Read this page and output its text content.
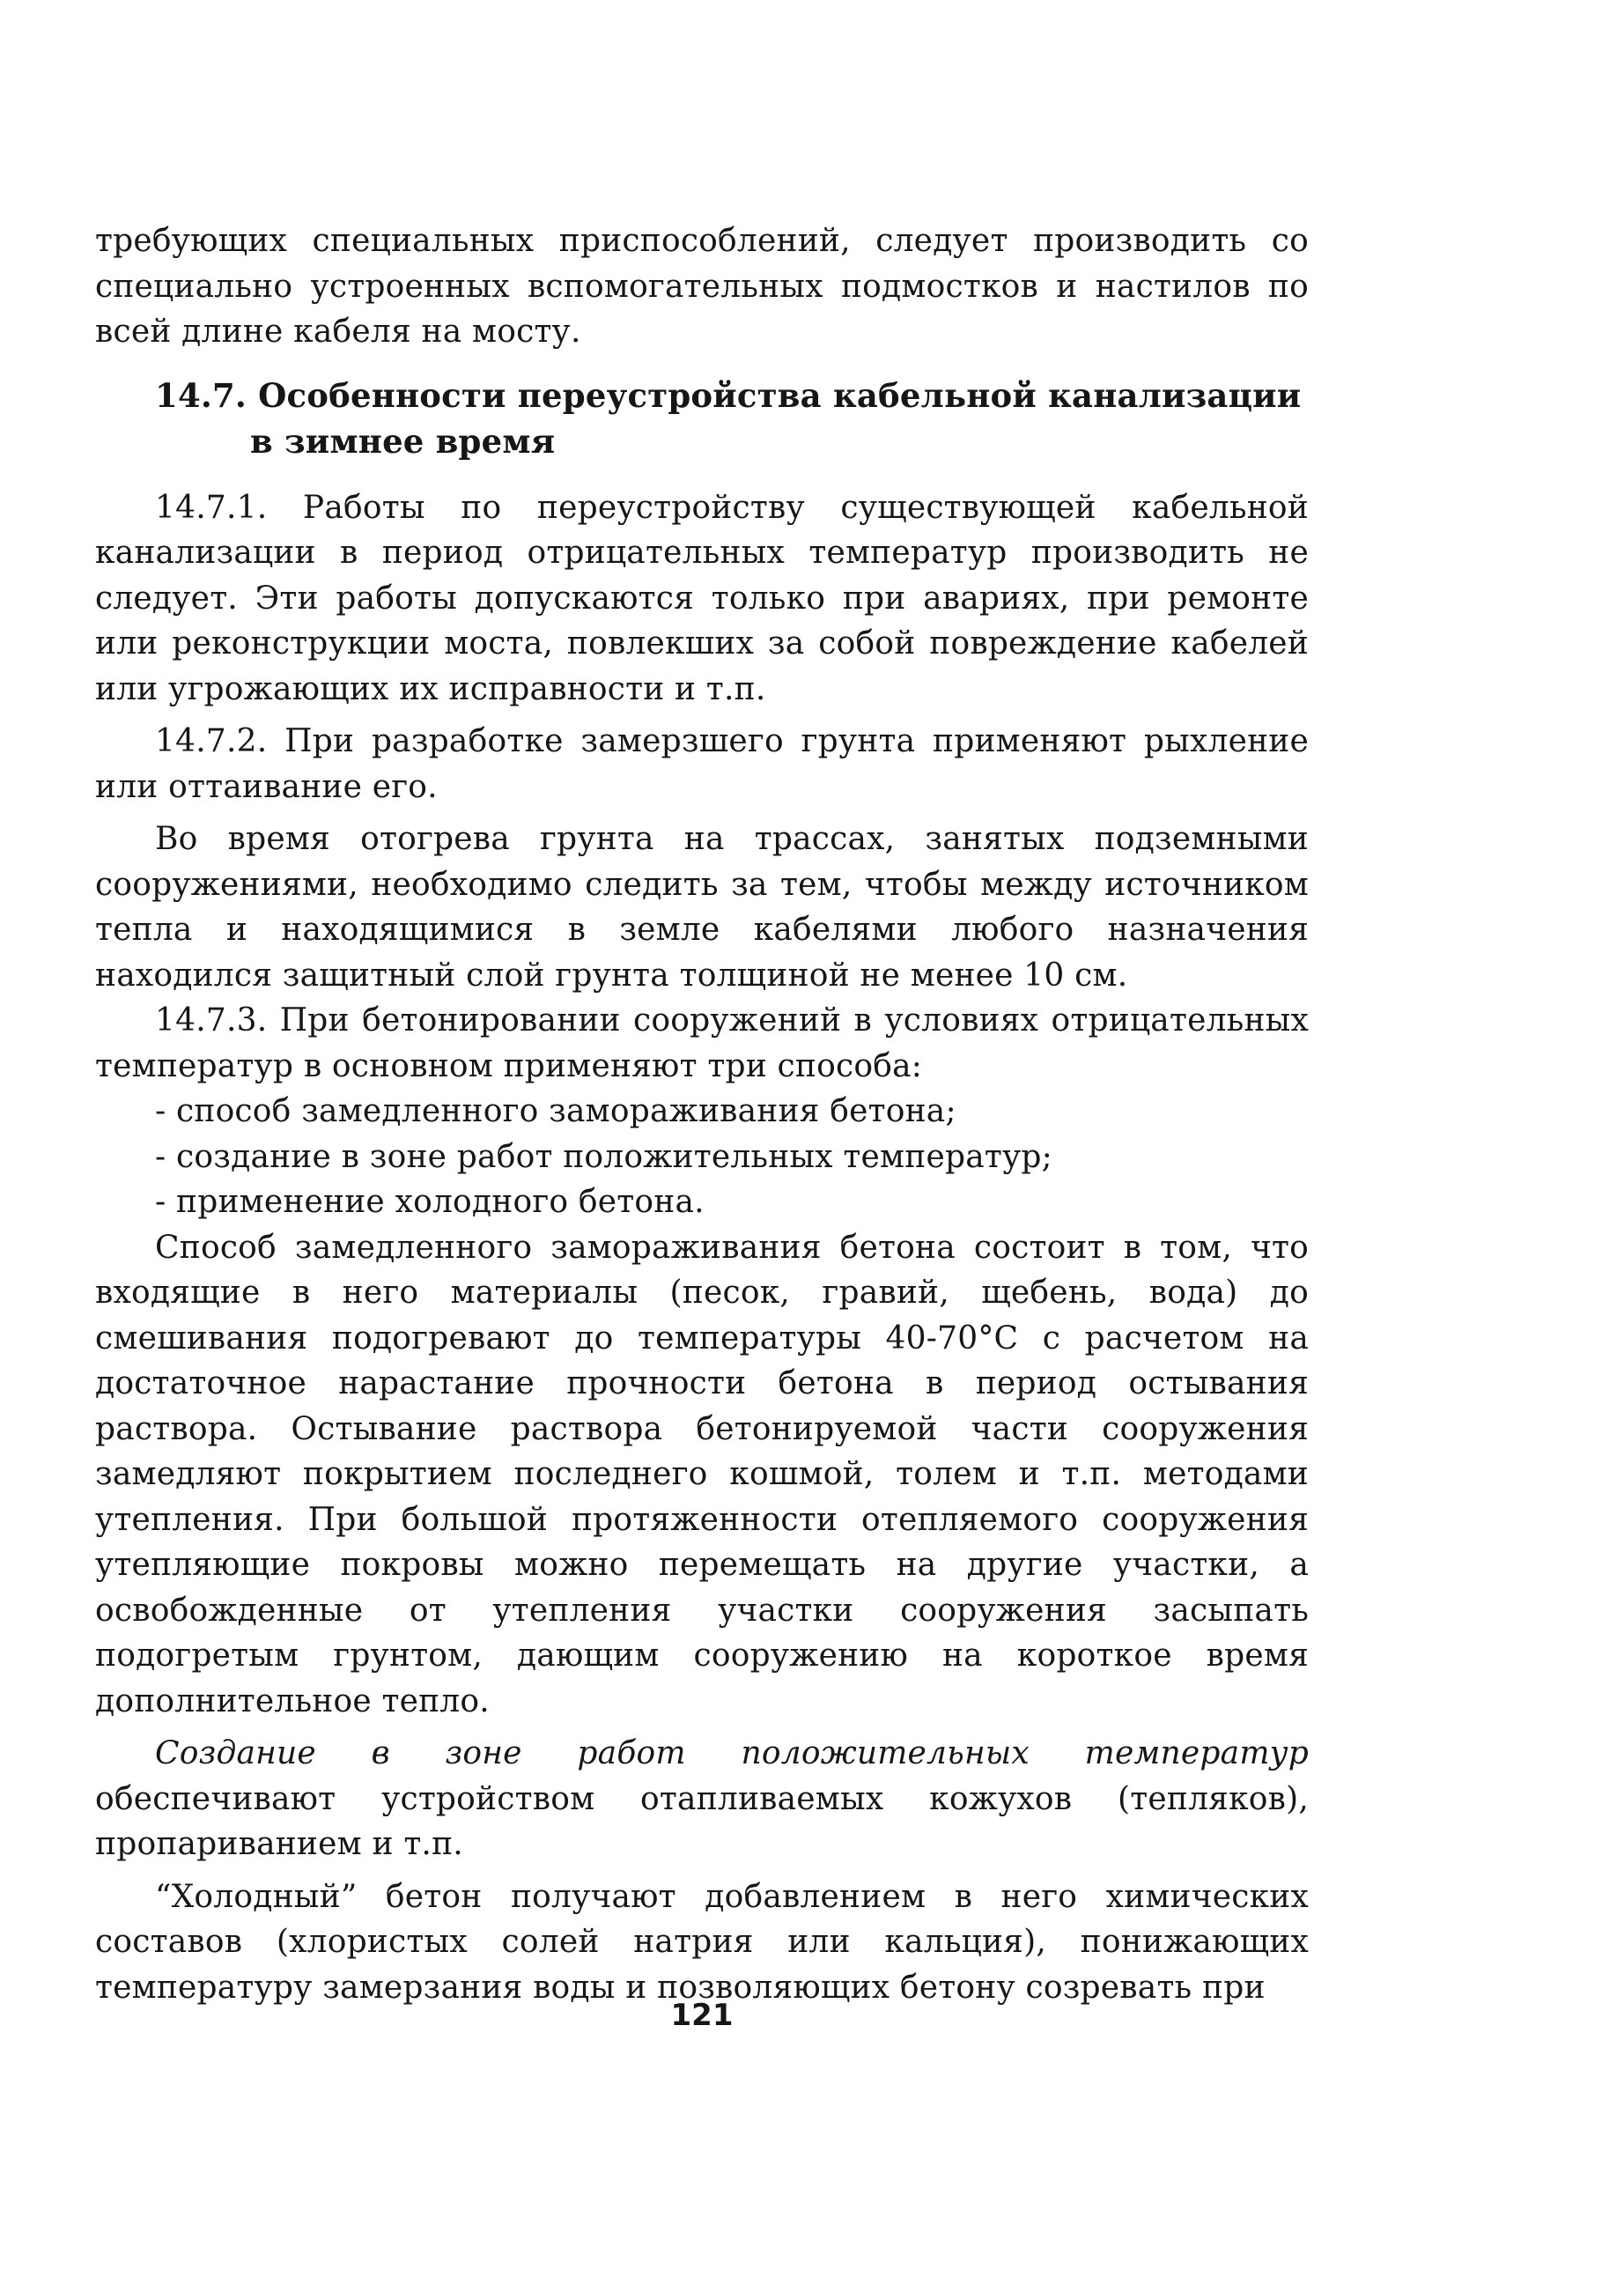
требующих специальных приспособлений, следует производить со специально устроенных вспомогательных подмостков и настилов по всей длине кабеля на мосту.

14.7. Особенности переустройства кабельной канализации
в зимнее время

14.7.1. Работы по переустройству существующей кабельной канализации в период отрицательных температур производить не следует. Эти работы допускаются только при авариях, при ремонте или реконструкции моста, повлекших за собой повреждение кабелей или угрожающих их исправности и т.п.

14.7.2. При разработке замерзшего грунта применяют рыхление или оттаивание его.

Во время отогрева грунта на трассах, занятых подземными сооружениями, необходимо следить за тем, чтобы между источником тепла и находящимися в земле кабелями любого назначения находился защитный слой грунта толщиной не менее 10 см.

14.7.3. При бетонировании сооружений в условиях отрицательных температур в основном применяют три способа:

- способ замедленного замораживания бетона;

- создание в зоне работ положительных температур;

- применение холодного бетона.

Способ замедленного замораживания бетона состоит в том, что входящие в него материалы (песок, гравий, щебень, вода) до смешивания подогревают до температуры 40-70°С с расчетом на достаточное нарастание прочности бетона в период остывания раствора. Остывание раствора бетонируемой части сооружения замедляют покрытием последнего кошмой, толем и т.п. методами утепления. При большой протяженности отепляемого сооружения утепляющие покровы можно перемещать на другие участки, а освобожденные от утепления участки сооружения засыпать подогретым грунтом, дающим сооружению на короткое время дополнительное тепло.

Создание в зоне работ положительных температур обеспечивают устройством отапливаемых кожухов (тепляков), пропариванием и т.п.

“Холодный” бетон получают добавлением в него химических составов (хлористых солей натрия или кальция), понижающих температуру замерзания воды и позволяющих бетону созревать при

121
